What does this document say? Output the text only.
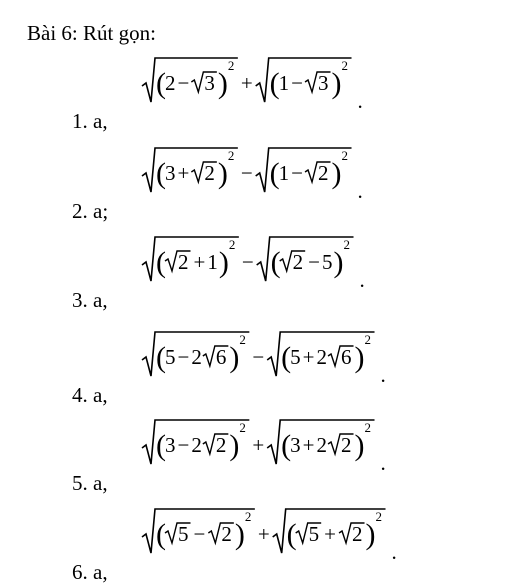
Bài 6: Rút gọn:
1. a,
( 2 − 3 )
2
+ ( 1 − 3 )
2
.
2. a;
( 3 + 2 )
2
− ( 1 − 2 )
2
.
3. a,
( 2 + 1 )
2
− ( 2 − 5 )
2
.
4. a,
( 5 − 2 6 )
2
− ( 5 + 2 6 )
2
.
5. a,
( 3 − 2 2 )
2
+ ( 3 + 2 2 )
2
.
6. a,
( 5 − 2 )
2
+ ( 5 + 2 )
2
.
